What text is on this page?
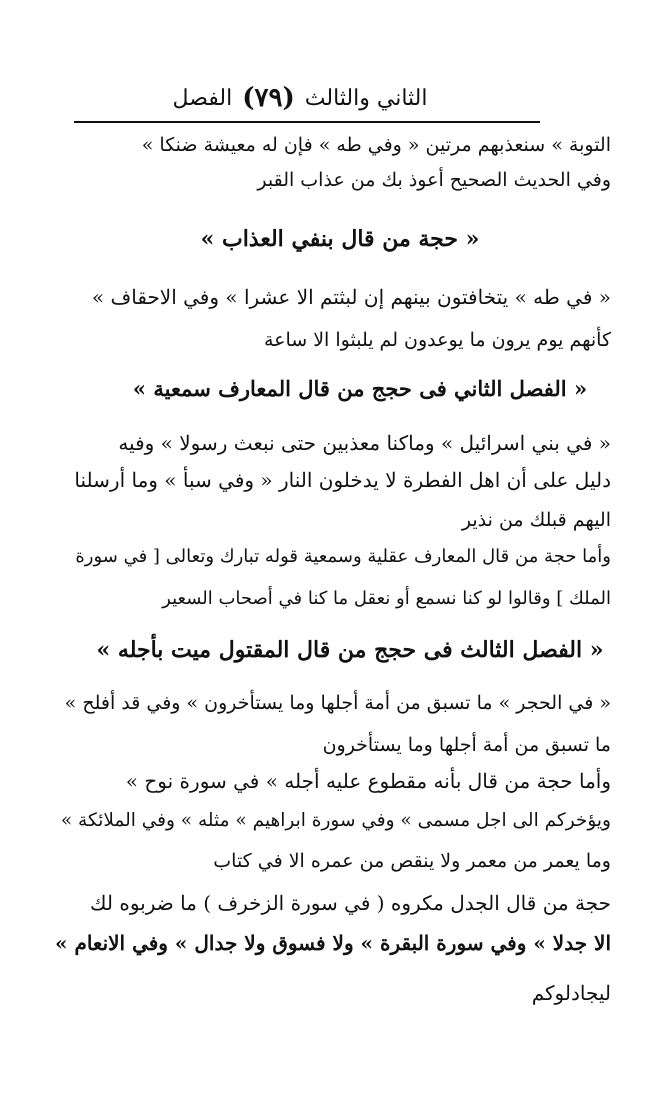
الفصل (٧٩) الثاني والثالث
التوبة » سنعذبهم مرتين « وفي طه » فإن له معيشة ضنكا »
وفي الحديث الصحيح أعوذ بك من عذاب القبر
« حجة من قال بنفي العذاب »
« في طه » يتخافتون بينهم إن لبثتم الا عشرا » وفي الاحقاف »
كأنهم يوم يرون ما يوعدون لم يلبثوا الا ساعة
« الفصل الثاني فى حجج من قال المعارف سمعية »
« في بني اسرائيل » وماكنا معذبين حتى نبعث رسولا » وفيه
دليل على أن اهل الفطرة لا يدخلون النار « وفي سبأ » وما أرسلنا
اليهم قبلك من نذير
وأما حجة من قال المعارف عقلية وسمعية قوله تبارك وتعالى [ في سورة
الملك ] وقالوا لو كنا نسمع أو نعقل ما كنا في أصحاب السعير
« الفصل الثالث فى حجج من قال المقتول ميت بأجله »
« في الحجر » ما تسبق من أمة أجلها وما يستأخرون » وفي قد أفلح »
ما تسبق من أمة أجلها وما يستأخرون
وأما حجة من قال بأنه مقطوع عليه أجله » في سورة نوح »
ويؤخركم الى اجل مسمى » وفي سورة ابراهيم » مثله » وفي الملائكة »
وما يعمر من معمر ولا ينقص من عمره الا في كتاب
حجة من قال الجدل مكروه ( في سورة الزخرف ) ما ضربوه لك
الا جدلا » وفي سورة البقرة » ولا فسوق ولا جدال » وفي الانعام »
ليجادلوكم
